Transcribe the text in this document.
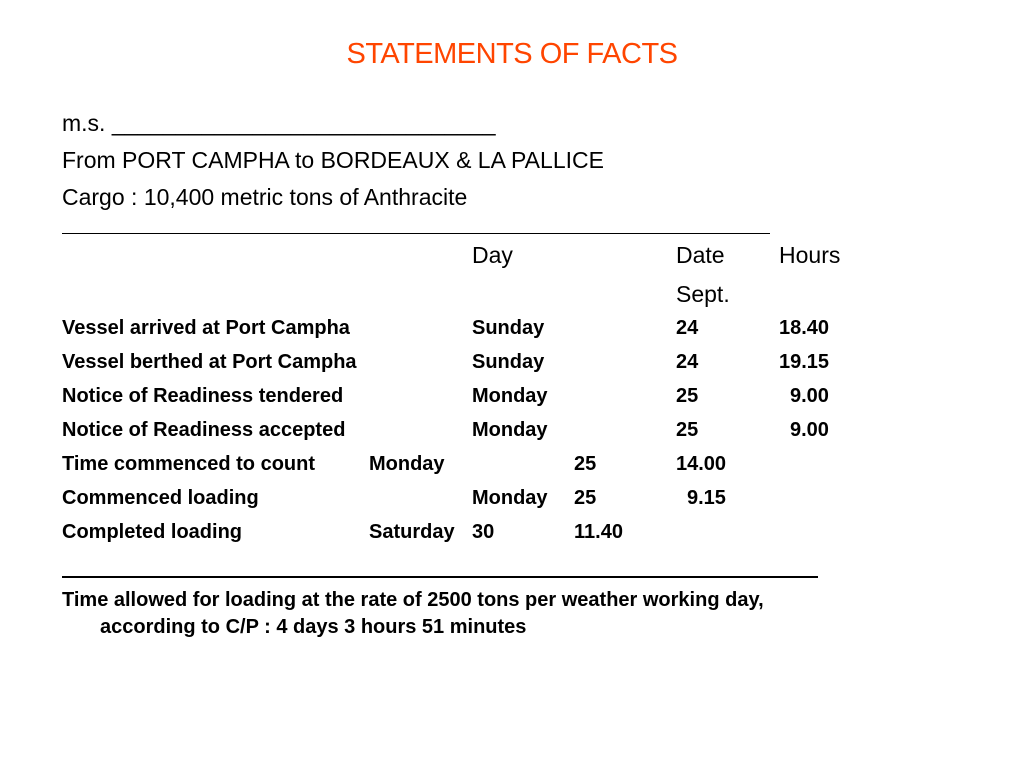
STATEMENTS OF FACTS
m.s. ______________________________
From PORT CAMPHA to BORDEAUX & LA PALLICE
Cargo : 10,400 metric tons of Anthracite
Day	Date Hours
Sept.
Vessel arrived at Port Campha	Sunday	24	18.40
Vessel berthed at Port Campha	Sunday	24	19.15
Notice of Readiness tendered	Monday	25	9.00
Notice of Readiness accepted	Monday	25	9.00
Time commenced to count	Monday	25	14.00
Commenced loading	Monday 25	9.15
Completed loading	Saturday 30	11.40
Time allowed for loading at the rate of 2500 tons per weather working day,
according to C/P : 4 days 3 hours 51 minutes
